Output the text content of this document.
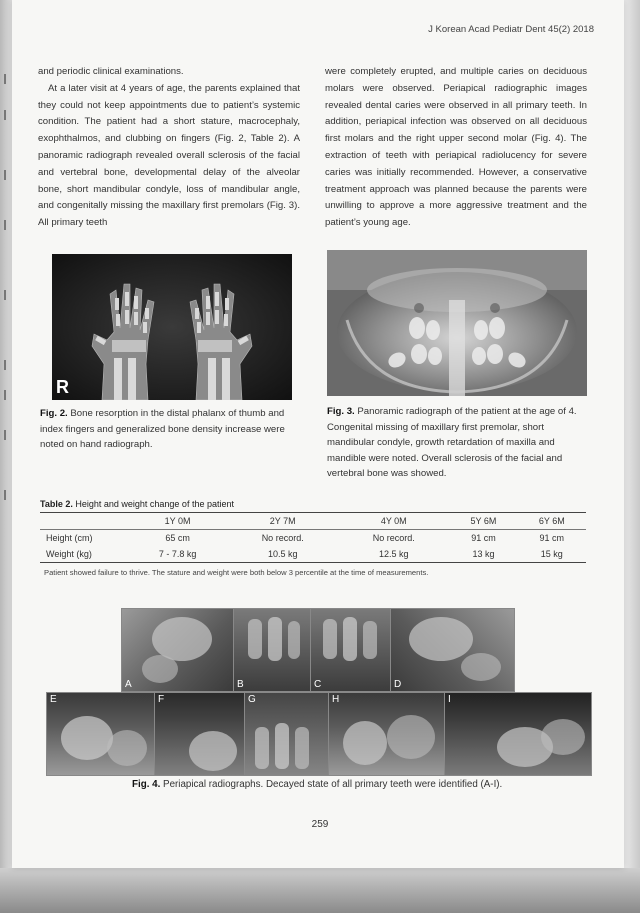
J Korean Acad Pediatr Dent 45(2) 2018

and periodic clinical examinations.

At a later visit at 4 years of age, the parents explained that they could not keep appointments due to patient’s systemic condition. The patient had a short stature, macrocephaly, exophthalmos, and clubbing on fingers (Fig. 2, Table 2). A panoramic radiograph revealed overall sclerosis of the facial and vertebral bone, developmental delay of the alveolar bone, short mandibular condyle, loss of mandibular angle, and congenitally missing the maxillary first premolars (Fig. 3). All primary teeth

were completely erupted, and multiple caries on deciduous molars were observed. Periapical radiographic images revealed dental caries were observed in all primary teeth. In addition, periapical infection was observed on all deciduous first molars and the right upper second molar (Fig. 4). The extraction of teeth with periapical radiolucency for severe caries was initially recommended. However, a conservative treatment approach was planned because the parents were unwilling to approve a more aggressive treatment and the patient’s young age.

R
Fig. 2. Bone resorption in the distal phalanx of thumb and index fingers and generalized bone density increase were noted on hand radiograph.
Fig. 3. Panoramic radiograph of the patient at the age of 4. Congenital missing of maxillary first premolar, short mandibular condyle, growth retardation of maxilla and mandible were noted. Overall sclerosis of the facial and vertebral bone was showed.
Table 2. Height and weight change of the patient
	1Y 0M	2Y 7M	4Y 0M	5Y 6M	6Y 6M
Height (cm)	65 cm	No record.	No record.	91 cm	91 cm
Weight (kg)	7 - 7.8 kg	10.5 kg	12.5 kg	13 kg	15 kg
Patient showed failure to thrive. The stature and weight were both below 3 percentile at the time of measurements.
A	B	C	D
E	F	G	H	I
Fig. 4. Periapical radiographs. Decayed state of all primary teeth were identified (A-I).
259
